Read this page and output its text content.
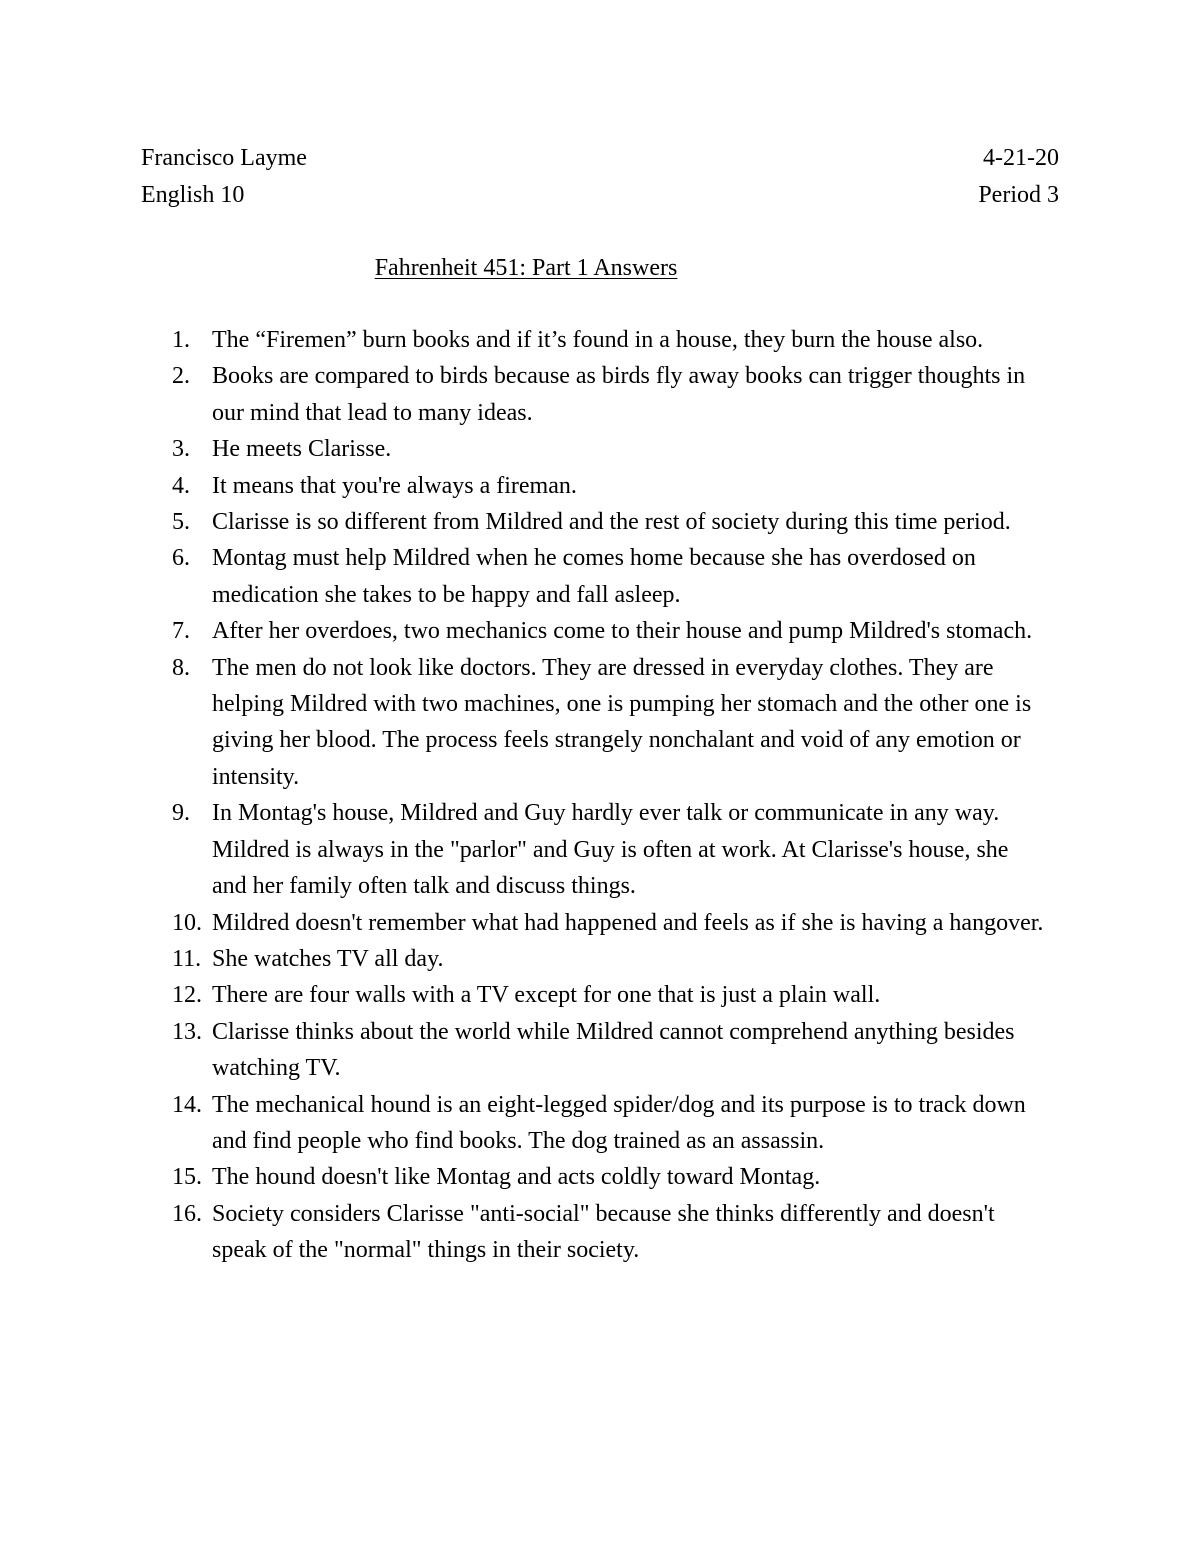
Francisco Layme	4-21-20
English 10	Period 3
Fahrenheit 451: Part 1 Answers
1. The “Firemen” burn books and if it’s found in a house, they burn the house also.
2. Books are compared to birds because as birds fly away books can trigger thoughts in our mind that lead to many ideas.
3. He meets Clarisse.
4. It means that you're always a fireman.
5. Clarisse is so different from Mildred and the rest of society during this time period.
6. Montag must help Mildred when he comes home because she has overdosed on medication she takes to be happy and fall asleep.
7. After her overdoes, two mechanics come to their house and pump Mildred's stomach.
8. The men do not look like doctors. They are dressed in everyday clothes. They are helping Mildred with two machines, one is pumping her stomach and the other one is giving her blood. The process feels strangely nonchalant and void of any emotion or intensity.
9. In Montag's house, Mildred and Guy hardly ever talk or communicate in any way. Mildred is always in the "parlor" and Guy is often at work. At Clarisse's house, she and her family often talk and discuss things.
10. Mildred doesn't remember what had happened and feels as if she is having a hangover.
11. She watches TV all day.
12. There are four walls with a TV except for one that is just a plain wall.
13. Clarisse thinks about the world while Mildred cannot comprehend anything besides watching TV.
14. The mechanical hound is an eight-legged spider/dog and its purpose is to track down and find people who find books. The dog trained as an assassin.
15. The hound doesn't like Montag and acts coldly toward Montag.
16. Society considers Clarisse "anti-social" because she thinks differently and doesn't speak of the "normal" things in their society.
